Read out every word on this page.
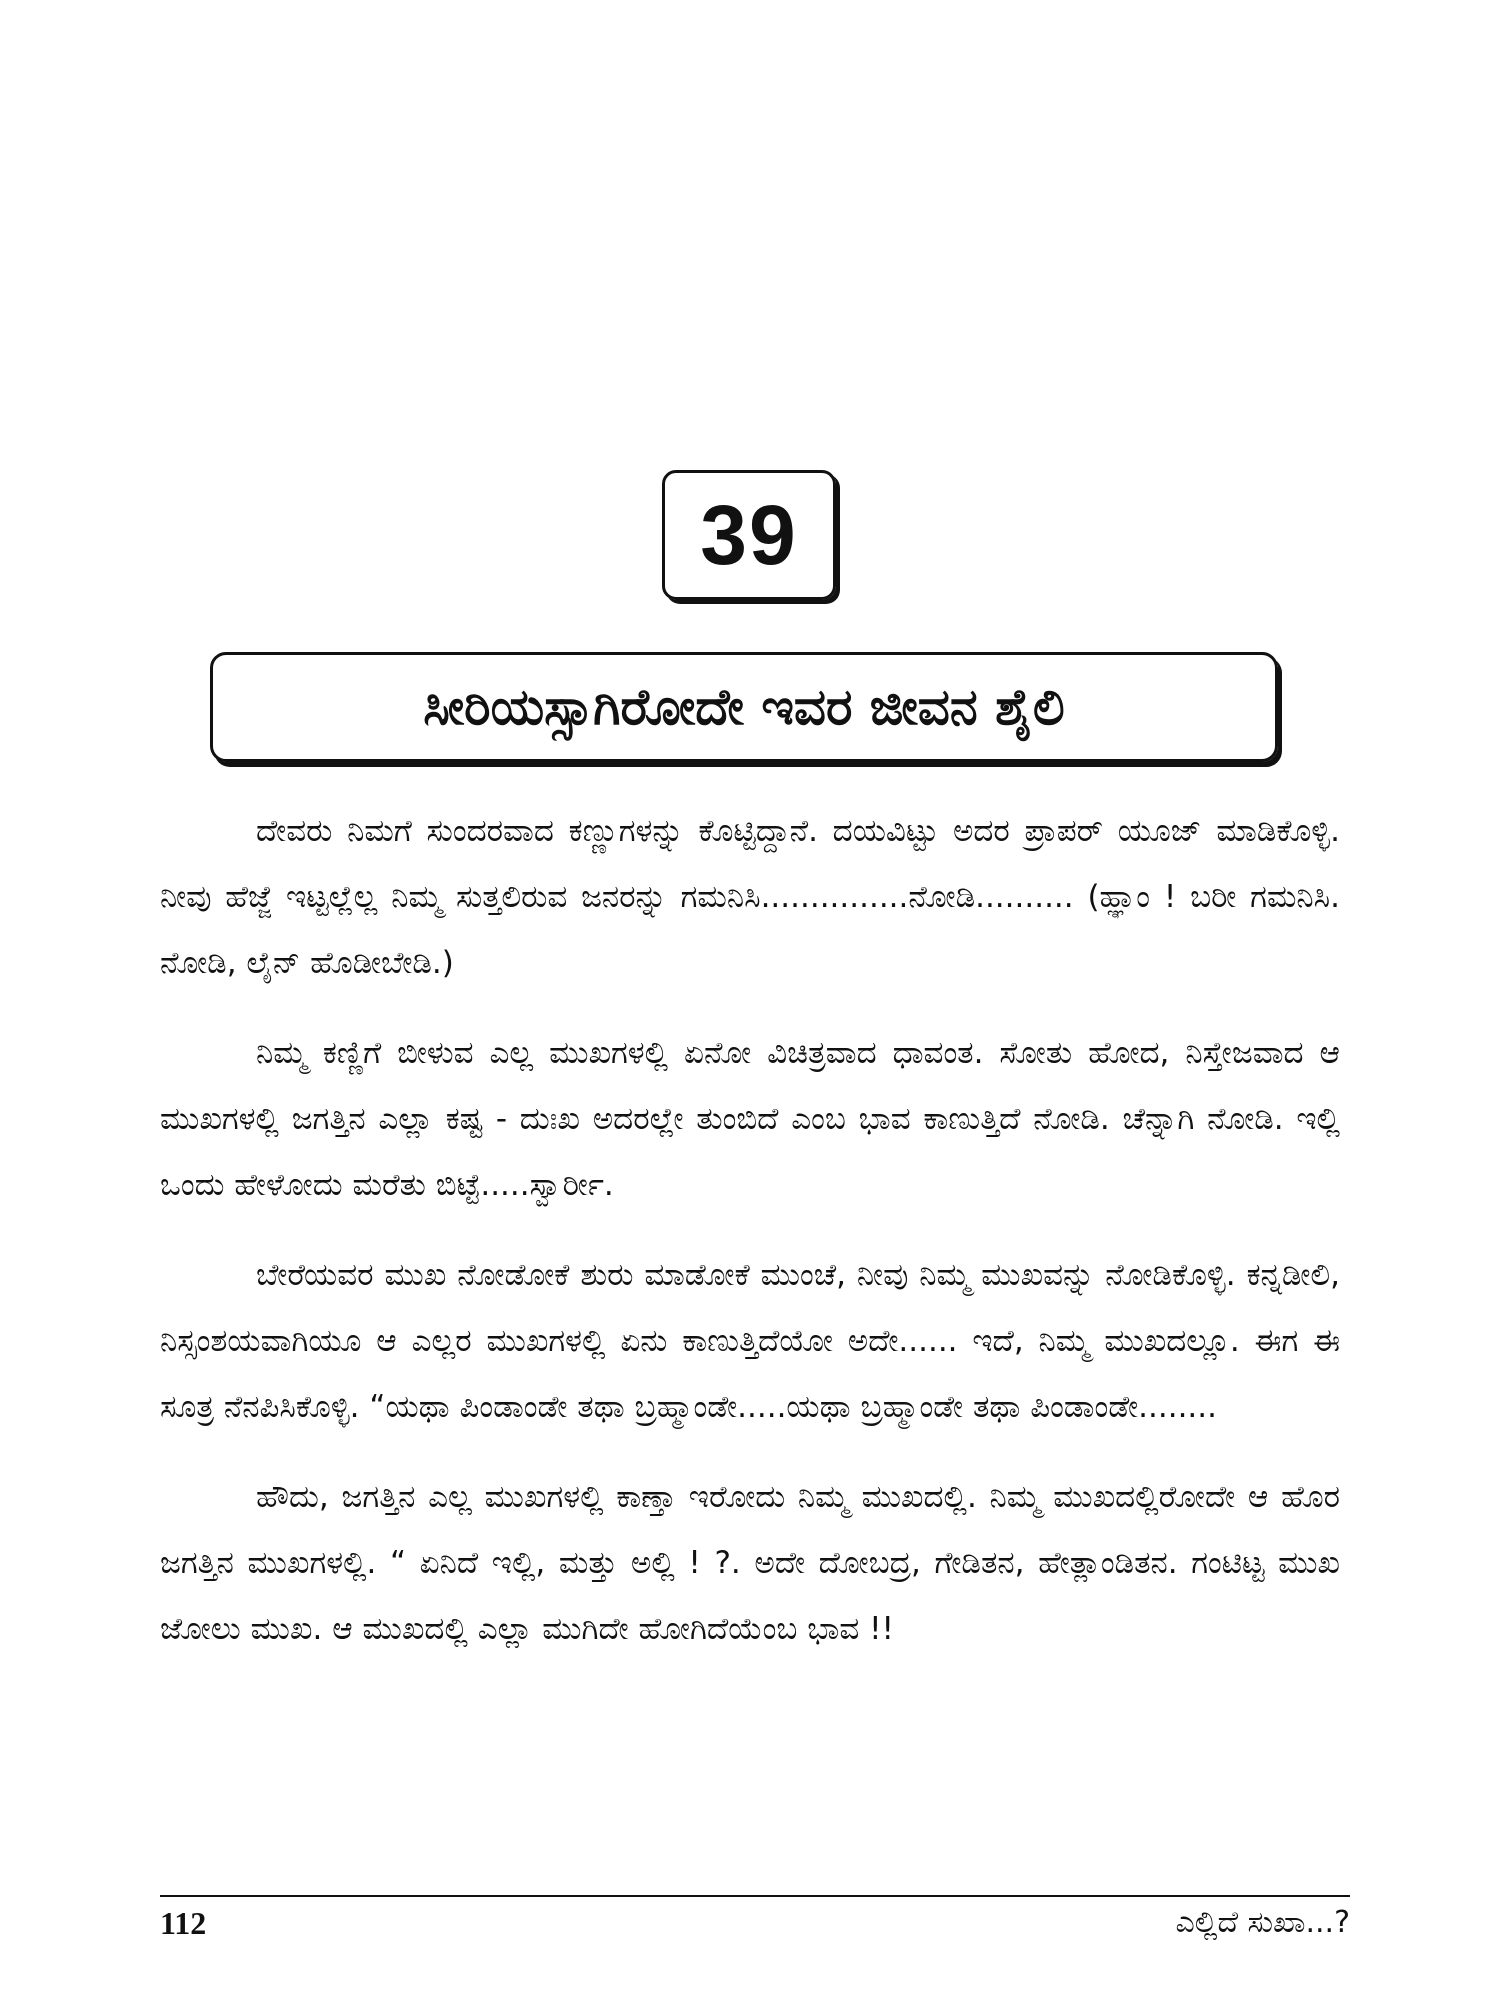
39
ಸೀರಿಯಸ್ಸಾಗಿರೋದೇ ಇವರ ಜೀವನ ಶೈಲಿ

ದೇವರು ನಿಮಗೆ ಸುಂದರವಾದ ಕಣ್ಣುಗಳನ್ನು ಕೊಟ್ಟಿದ್ದಾನೆ. ದಯವಿಟ್ಟು ಅದರ ಪ್ರಾಪರ್ ಯೂಜ್ ಮಾಡಿಕೊಳ್ಳಿ. ನೀವು ಹೆಜ್ಜೆ ಇಟ್ಟಲ್ಲೆಲ್ಲ ನಿಮ್ಮ ಸುತ್ತಲಿರುವ ಜನರನ್ನು ಗಮನಿಸಿ...............ನೋಡಿ.......... (ಹ್ಞಾಂ ! ಬರೀ ಗಮನಿಸಿ. ನೋಡಿ, ಲೈನ್ ಹೊಡೀಬೇಡಿ.)

ನಿಮ್ಮ ಕಣ್ಣಿಗೆ ಬೀಳುವ ಎಲ್ಲ ಮುಖಗಳಲ್ಲಿ ಏನೋ ವಿಚಿತ್ರವಾದ ಧಾವಂತ. ಸೋತು ಹೋದ, ನಿಸ್ತೇಜವಾದ ಆ ಮುಖಗಳಲ್ಲಿ ಜಗತ್ತಿನ ಎಲ್ಲಾ ಕಷ್ಟ - ದುಃಖ ಅದರಲ್ಲೇ ತುಂಬಿದೆ ಎಂಬ ಭಾವ ಕಾಣುತ್ತಿದೆ ನೋಡಿ. ಚೆನ್ನಾಗಿ ನೋಡಿ. ಇಲ್ಲಿ ಒಂದು ಹೇಳೋದು ಮರೆತು ಬಿಟ್ಟೆ.....ಸ್ವಾರ್ರೀ.

ಬೇರೆಯವರ ಮುಖ ನೋಡೋಕೆ ಶುರು ಮಾಡೋಕೆ ಮುಂಚೆ, ನೀವು ನಿಮ್ಮ ಮುಖವನ್ನು ನೋಡಿಕೊಳ್ಳಿ. ಕನ್ನಡೀಲಿ, ನಿಸ್ಸಂಶಯವಾಗಿಯೂ ಆ ಎಲ್ಲರ ಮುಖಗಳಲ್ಲಿ ಏನು ಕಾಣುತ್ತಿದೆಯೋ ಅದೇ...... ಇದೆ, ನಿಮ್ಮ ಮುಖದಲ್ಲೂ. ಈಗ ಈ ಸೂತ್ರ ನೆನಪಿಸಿಕೊಳ್ಳಿ. “ಯಥಾ ಪಿಂಡಾಂಡೇ ತಥಾ ಬ್ರಹ್ಮಾಂಡೇ.....ಯಥಾ ಬ್ರಹ್ಮಾಂಡೇ ತಥಾ ಪಿಂಡಾಂಡೇ........

ಹೌದು, ಜಗತ್ತಿನ ಎಲ್ಲ ಮುಖಗಳಲ್ಲಿ ಕಾಣ್ತಾ ಇರೋದು ನಿಮ್ಮ ಮುಖದಲ್ಲಿ. ನಿಮ್ಮ ಮುಖದಲ್ಲಿರೋದೇ ಆ ಹೊರ ಜಗತ್ತಿನ ಮುಖಗಳಲ್ಲಿ. “ ಏನಿದೆ ಇಲ್ಲಿ, ಮತ್ತು ಅಲ್ಲಿ ! ?. ಅದೇ ದೋಬದ್ರ, ಗೇಡಿತನ, ಹೇತ್ಲಾಂಡಿತನ. ಗಂಟಿಟ್ಟ ಮುಖ ಜೋಲು ಮುಖ. ಆ ಮುಖದಲ್ಲಿ ಎಲ್ಲಾ ಮುಗಿದೇ ಹೋಗಿದೆಯೆಂಬ ಭಾವ !!

112	ಎಲ್ಲಿದೆ ಸುಖಾ...?
